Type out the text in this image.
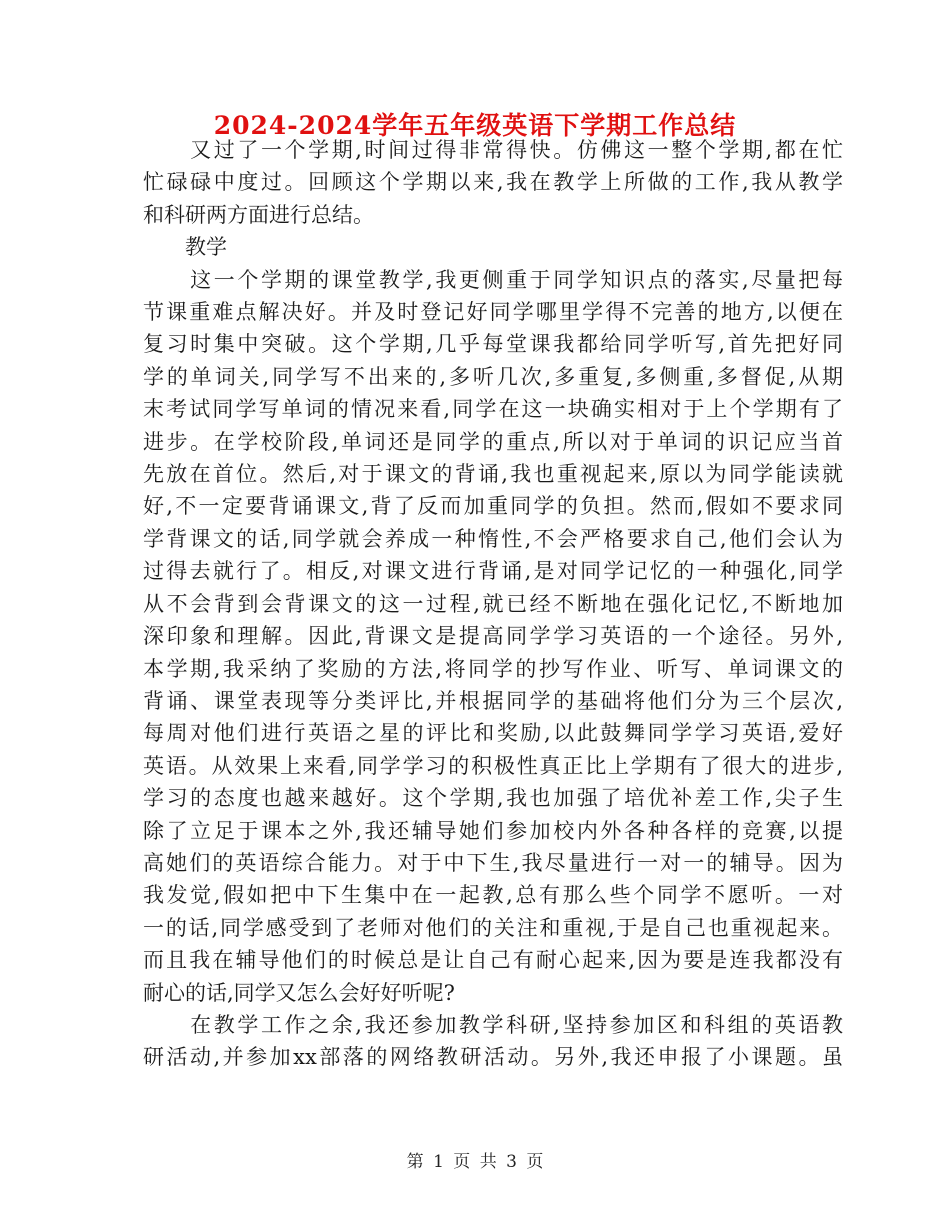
2024-2024学年五年级英语下学期工作总结
　　又过了一个学期,时间过得非常得快。仿佛这一整个学期,都在忙
忙碌碌中度过。回顾这个学期以来,我在教学上所做的工作,我从教学
和科研两方面进行总结。
　　教学
　　这一个学期的课堂教学,我更侧重于同学知识点的落实,尽量把每
节课重难点解决好。并及时登记好同学哪里学得不完善的地方,以便在
复习时集中突破。这个学期,几乎每堂课我都给同学听写,首先把好同
学的单词关,同学写不出来的,多听几次,多重复,多侧重,多督促,从期
末考试同学写单词的情况来看,同学在这一块确实相对于上个学期有了
进步。在学校阶段,单词还是同学的重点,所以对于单词的识记应当首
先放在首位。然后,对于课文的背诵,我也重视起来,原以为同学能读就
好,不一定要背诵课文,背了反而加重同学的负担。然而,假如不要求同
学背课文的话,同学就会养成一种惰性,不会严格要求自己,他们会认为
过得去就行了。相反,对课文进行背诵,是对同学记忆的一种强化,同学
从不会背到会背课文的这一过程,就已经不断地在强化记忆,不断地加
深印象和理解。因此,背课文是提高同学学习英语的一个途径。另外,
本学期,我采纳了奖励的方法,将同学的抄写作业、听写、单词课文的
背诵、课堂表现等分类评比,并根据同学的基础将他们分为三个层次,
每周对他们进行英语之星的评比和奖励,以此鼓舞同学学习英语,爱好
英语。从效果上来看,同学学习的积极性真正比上学期有了很大的进步,
学习的态度也越来越好。这个学期,我也加强了培优补差工作,尖子生
除了立足于课本之外,我还辅导她们参加校内外各种各样的竞赛,以提
高她们的英语综合能力。对于中下生,我尽量进行一对一的辅导。因为
我发觉,假如把中下生集中在一起教,总有那么些个同学不愿听。一对
一的话,同学感受到了老师对他们的关注和重视,于是自己也重视起来。
而且我在辅导他们的时候总是让自己有耐心起来,因为要是连我都没有
耐心的话,同学又怎么会好好听呢?
　　在教学工作之余,我还参加教学科研,坚持参加区和科组的英语教
研活动,并参加xx部落的网络教研活动。另外,我还申报了小课题。虽
第 1 页 共 3 页
